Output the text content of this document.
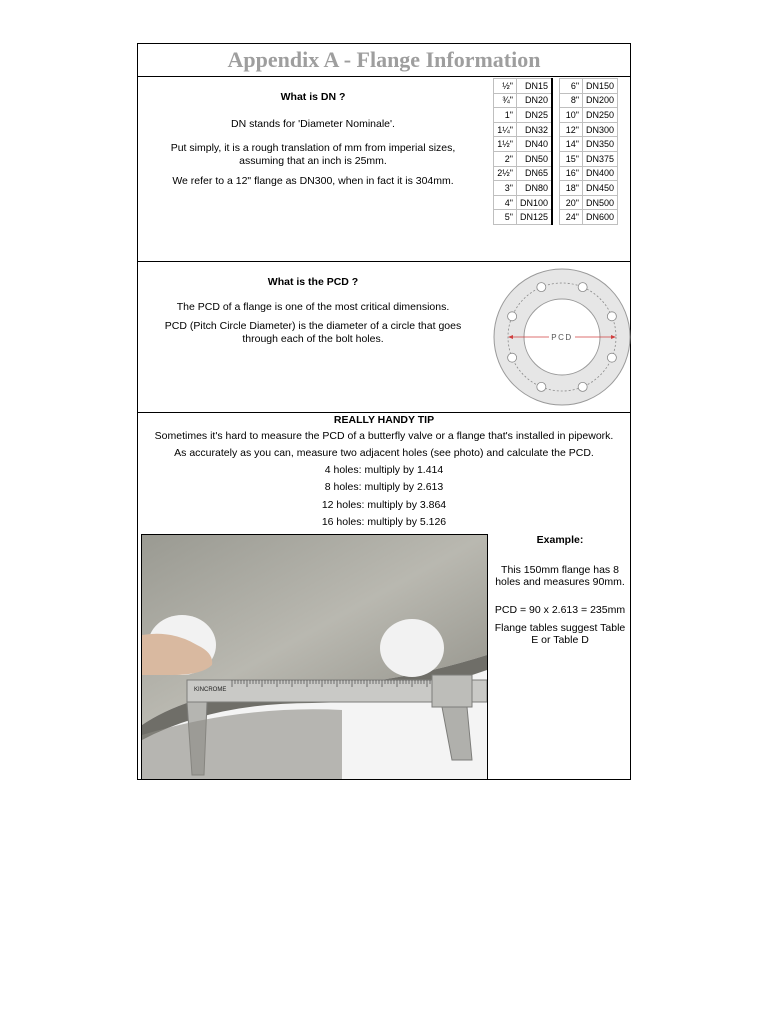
Appendix A - Flange Information

What is DN ?

DN stands for 'Diameter Nominale'.

Put simply, it is a rough translation of mm from imperial sizes, assuming that an inch is 25mm.

We refer to a 12" flange as DN300, when in fact it is 304mm.

½"	DN15		6"	DN150
¾"	DN20		8"	DN200
1"	DN25		10"	DN250
1¼"	DN32		12"	DN300
1½"	DN40		14"	DN350
2"	DN50		15"	DN375
2½"	DN65		16"	DN400
3"	DN80		18"	DN450
4"	DN100		20"	DN500
5"	DN125		24"	DN600

What is the PCD ?

The PCD of a flange is one of the most critical dimensions.

PCD (Pitch Circle Diameter) is the diameter of a circle that goes through each of the bolt holes.	PCD

REALLY HANDY TIP

Sometimes it's hard to measure the PCD of a butterfly valve or a flange that's installed in pipework.

As accurately as you can, measure two adjacent holes (see photo) and calculate the PCD.

4 holes: multiply by 1.414

8 holes: multiply by 2.613

12 holes: multiply by 3.864

16 holes: multiply by 5.126

KINCROME

Example:

This 150mm flange has 8 holes and measures 90mm.

PCD = 90 x 2.613 = 235mm

Flange tables suggest Table E or Table D
